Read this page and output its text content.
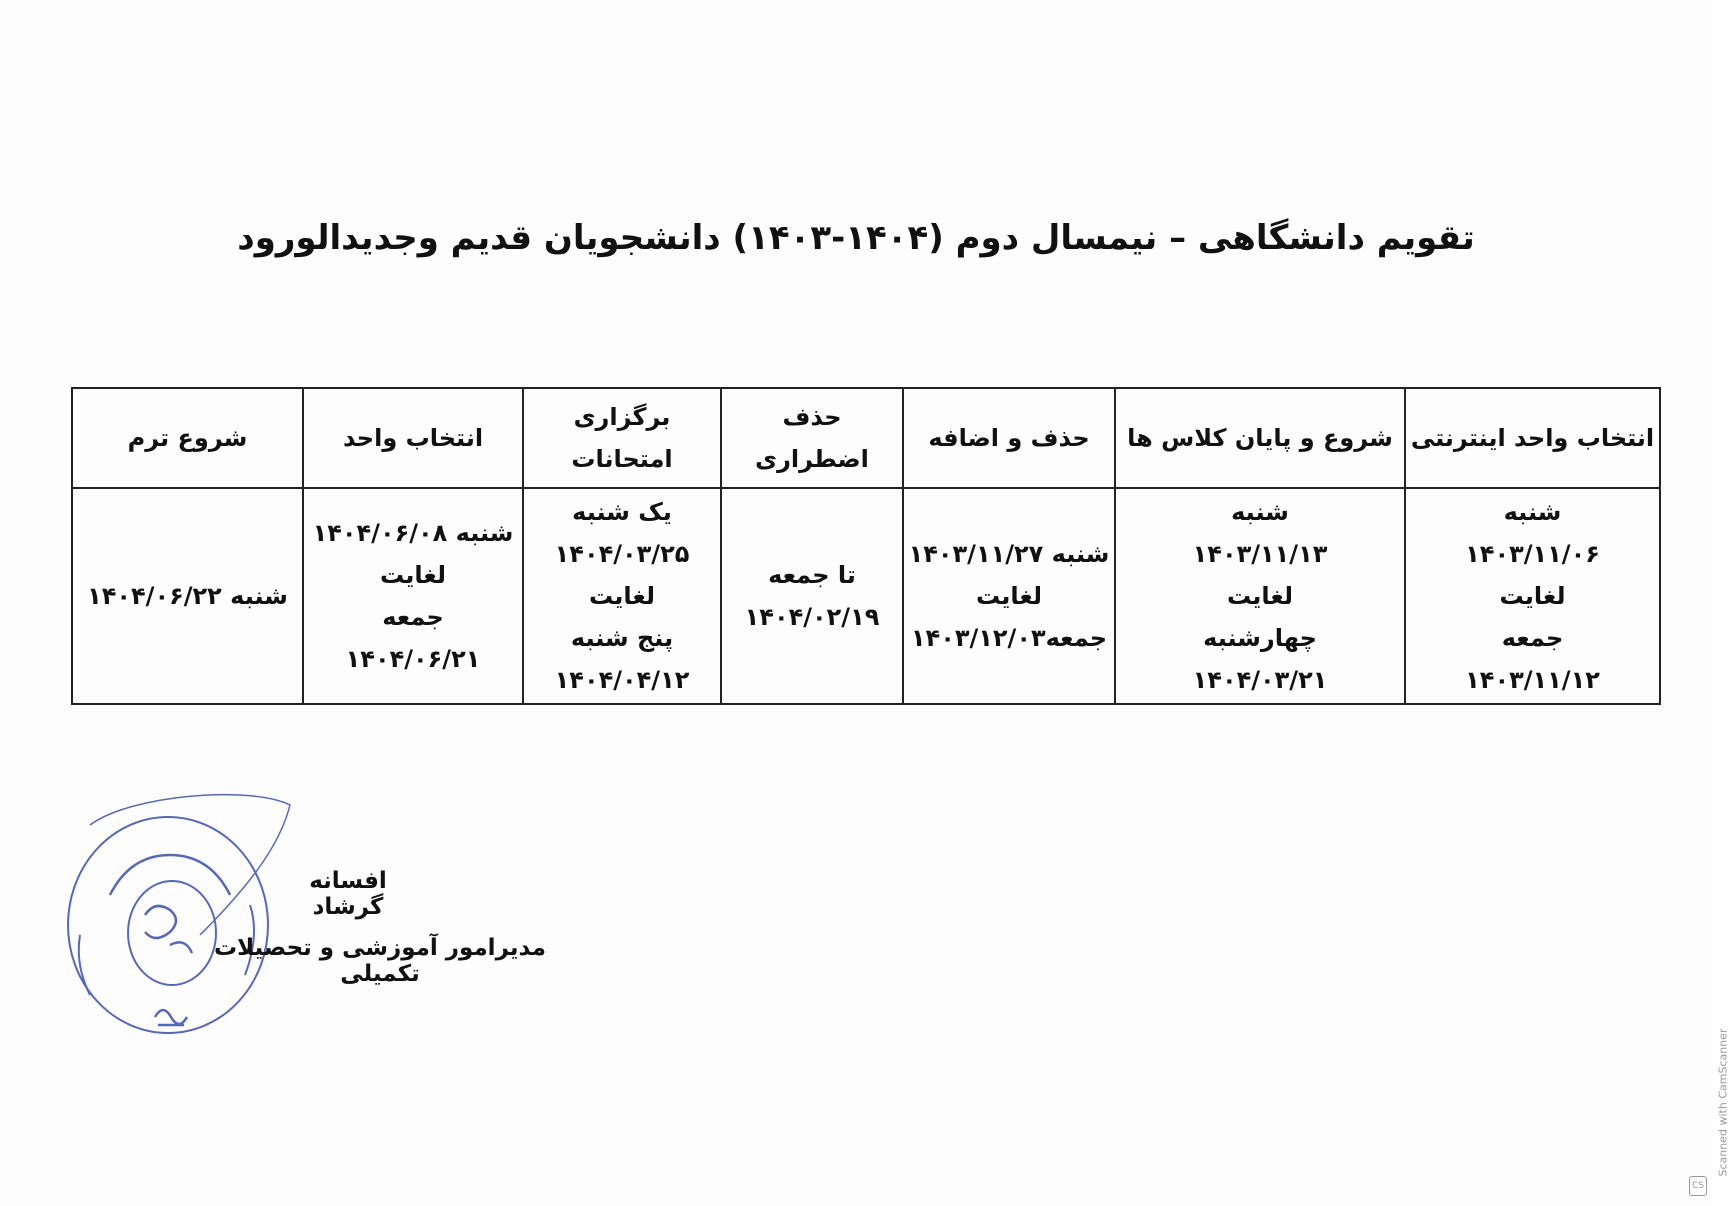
تقویم دانشگاهی – نیمسال دوم (۱۴۰۴-۱۴۰۳) دانشجویان قدیم وجدیدالورود
انتخاب واحد اینترنتی	شروع و پایان کلاس ها	حذف و اضافه	حذف
اضطراری	برگزاری
امتحانات	انتخاب واحد	شروع ترم

شنبه
۱۴۰۳/۱۱/۰۶
لغایت
جمعه
۱۴۰۳/۱۱/۱۲	شنبه
۱۴۰۳/۱۱/۱۳
لغایت
چهارشنبه
۱۴۰۴/۰۳/۲۱	شنبه ۱۴۰۳/۱۱/۲۷
لغایت
جمعه۱۴۰۳/۱۲/۰۳	تا جمعه
۱۴۰۴/۰۲/۱۹	یک شنبه
۱۴۰۴/۰۳/۲۵
لغایت
پنج شنبه
۱۴۰۴/۰۴/۱۲	شنبه ۱۴۰۴/۰۶/۰۸
لغایت
جمعه
۱۴۰۴/۰۶/۲۱	شنبه ۱۴۰۴/۰۶/۲۲
افسانه گرشاد
مدیرامور آموزشی و تحصیلات تکمیلی
Scanned with CamScanner
CS
